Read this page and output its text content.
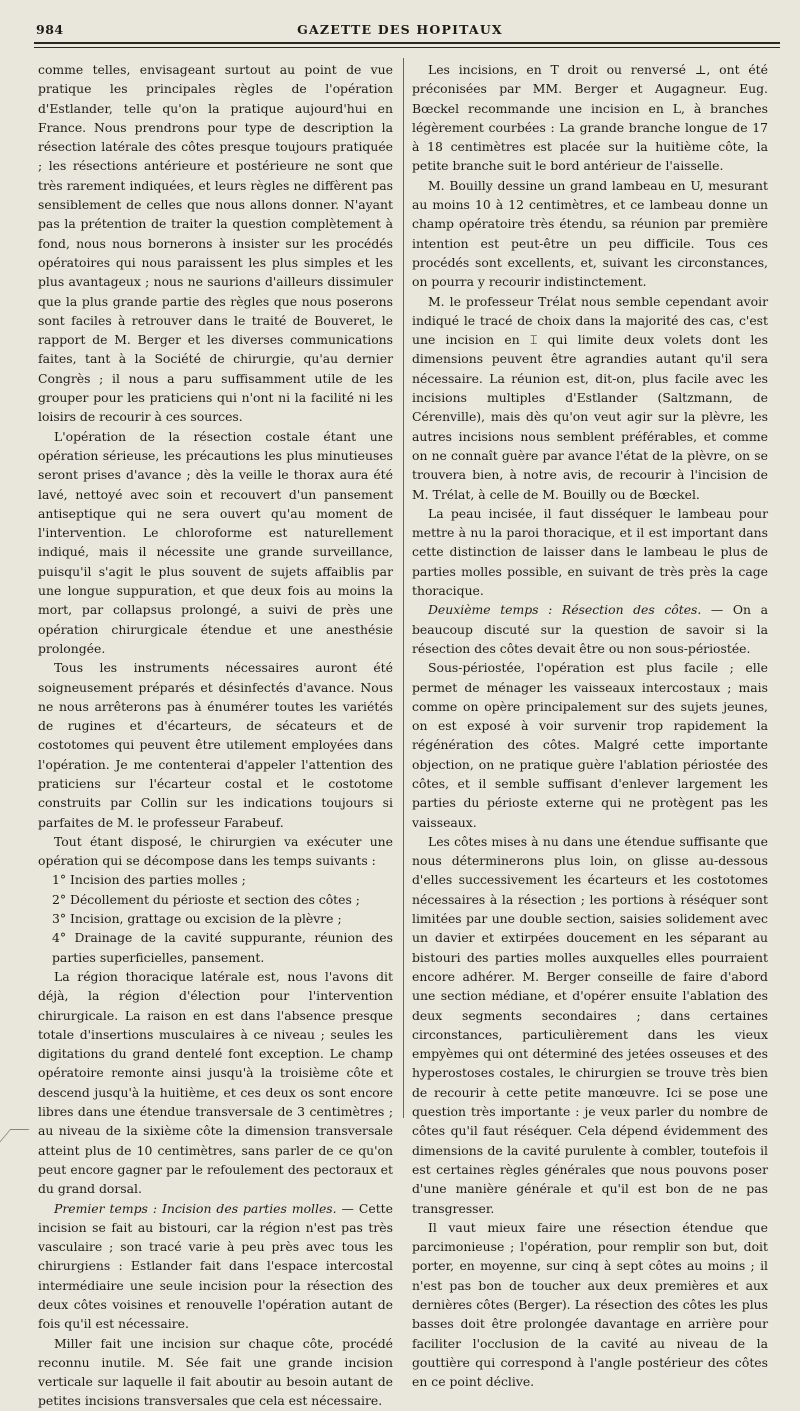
984	GAZETTE DES HOPITAUX

comme telles, envisageant surtout au point de vue pratique les principales règles de l'opération d'Estlander, telle qu'on la pratique aujourd'hui en France. Nous prendrons pour type de description la résection latérale des côtes presque toujours pratiquée ; les résections antérieure et postérieure ne sont que très rarement indiquées, et leurs règles ne diffèrent pas sensiblement de celles que nous allons donner. N'ayant pas la prétention de traiter la question complètement à fond, nous nous bornerons à insister sur les procédés opératoires qui nous paraissent les plus simples et les plus avantageux ; nous ne saurions d'ailleurs dissimuler que la plus grande partie des règles que nous poserons sont faciles à retrouver dans le traité de Bouveret, le rapport de M. Berger et les diverses communications faites, tant à la Société de chirurgie, qu'au dernier Congrès ; il nous a paru suffisamment utile de les grouper pour les praticiens qui n'ont ni la facilité ni les loisirs de recourir à ces sources.

L'opération de la résection costale étant une opération sérieuse, les précautions les plus minutieuses seront prises d'avance ; dès la veille le thorax aura été lavé, nettoyé avec soin et recouvert d'un pansement antiseptique qui ne sera ouvert qu'au moment de l'intervention. Le chloroforme est naturellement indiqué, mais il nécessite une grande surveillance, puisqu'il s'agit le plus souvent de sujets affaiblis par une longue suppuration, et que deux fois au moins la mort, par collapsus prolongé, a suivi de près une opération chirurgicale étendue et une anesthésie prolongée.

Tous les instruments nécessaires auront été soigneusement préparés et désinfectés d'avance. Nous ne nous arrêterons pas à énumérer toutes les variétés de rugines et d'écarteurs, de sécateurs et de costotomes qui peuvent être utilement employées dans l'opération. Je me contenterai d'appeler l'attention des praticiens sur l'écarteur costal et le costotome construits par Collin sur les indications toujours si parfaites de M. le professeur Farabeuf.

Tout étant disposé, le chirurgien va exécuter une opération qui se décompose dans les temps suivants :

1° Incision des parties molles ;

2° Décollement du périoste et section des côtes ;

3° Incision, grattage ou excision de la plèvre ;

4° Drainage de la cavité suppurante, réunion des parties superficielles, pansement.

La région thoracique latérale est, nous l'avons dit déjà, la région d'élection pour l'intervention chirurgicale. La raison en est dans l'absence presque totale d'insertions musculaires à ce niveau ; seules les digitations du grand dentelé font exception. Le champ opératoire remonte ainsi jusqu'à la troisième côte et descend jusqu'à la huitième, et ces deux os sont encore libres dans une étendue transversale de 3 centimètres ; au niveau de la sixième côte la dimension transversale atteint plus de 10 centimètres, sans parler de ce qu'on peut encore gagner par le refoulement des pectoraux et du grand dorsal.

Premier temps : Incision des parties molles. — Cette incision se fait au bistouri, car la région n'est pas très vasculaire ; son tracé varie à peu près avec tous les chirurgiens : Estlander fait dans l'espace intercostal intermédiaire une seule incision pour la résection des deux côtes voisines et renouvelle l'opération autant de fois qu'il est nécessaire.

Miller fait une incision sur chaque côte, procédé reconnu inutile. M. Sée fait une grande incision verticale sur laquelle il fait aboutir au besoin autant de petites incisions transversales que cela est nécessaire.

Les incisions, en T droit ou renversé ⊥, ont été préconisées par MM. Berger et Augagneur. Eug. Bœckel recommande une incision en L, à branches légèrement courbées : La grande branche longue de 17 à 18 centimètres est placée sur la huitième côte, la petite branche suit le bord antérieur de l'aisselle.

M. Bouilly dessine un grand lambeau en U, mesurant au moins 10 à 12 centimètres, et ce lambeau donne un champ opératoire très étendu, sa réunion par première intention est peut-être un peu difficile. Tous ces procédés sont excellents, et, suivant les circonstances, on pourra y recourir indistinctement.

M. le professeur Trélat nous semble cependant avoir indiqué le tracé de choix dans la majorité des cas, c'est une incision en ⌶ qui limite deux volets dont les dimensions peuvent être agrandies autant qu'il sera nécessaire. La réunion est, dit-on, plus facile avec les incisions multiples d'Estlander (Saltzmann, de Cérenville), mais dès qu'on veut agir sur la plèvre, les autres incisions nous semblent préférables, et comme on ne connaît guère par avance l'état de la plèvre, on se trouvera bien, à notre avis, de recourir à l'incision de M. Trélat, à celle de M. Bouilly ou de Bœckel.

La peau incisée, il faut disséquer le lambeau pour mettre à nu la paroi thoracique, et il est important dans cette distinction de laisser dans le lambeau le plus de parties molles possible, en suivant de très près la cage thoracique.

Deuxième temps : Résection des côtes. — On a beaucoup discuté sur la question de savoir si la résection des côtes devait être ou non sous-périostée.

Sous-périostée, l'opération est plus facile ; elle permet de ménager les vaisseaux intercostaux ; mais comme on opère principalement sur des sujets jeunes, on est exposé à voir survenir trop rapidement la régénération des côtes. Malgré cette importante objection, on ne pratique guère l'ablation périostée des côtes, et il semble suffisant d'enlever largement les parties du périoste externe qui ne protègent pas les vaisseaux.

Les côtes mises à nu dans une étendue suffisante que nous déterminerons plus loin, on glisse au-dessous d'elles successivement les écarteurs et les costotomes nécessaires à la résection ; les portions à réséquer sont limitées par une double section, saisies solidement avec un davier et extirpées doucement en les séparant au bistouri des parties molles auxquelles elles pourraient encore adhérer. M. Berger conseille de faire d'abord une section médiane, et d'opérer ensuite l'ablation des deux segments secondaires ; dans certaines circonstances, particulièrement dans les vieux empyèmes qui ont déterminé des jetées osseuses et des hyperostoses costales, le chirurgien se trouve très bien de recourir à cette petite manœuvre. Ici se pose une question très importante : je veux parler du nombre de côtes qu'il faut réséquer. Cela dépend évidemment des dimensions de la cavité purulente à combler, toutefois il est certaines règles générales que nous pouvons poser d'une manière générale et qu'il est bon de ne pas transgresser.

Il vaut mieux faire une résection étendue que parcimonieuse ; l'opération, pour remplir son but, doit porter, en moyenne, sur cinq à sept côtes au moins ; il n'est pas bon de toucher aux deux premières et aux dernières côtes (Berger). La résection des côtes les plus basses doit être prolongée davantage en arrière pour faciliter l'occlusion de la cavité au niveau de la gouttière qui correspond à l'angle postérieur des côtes en ce point déclive.
